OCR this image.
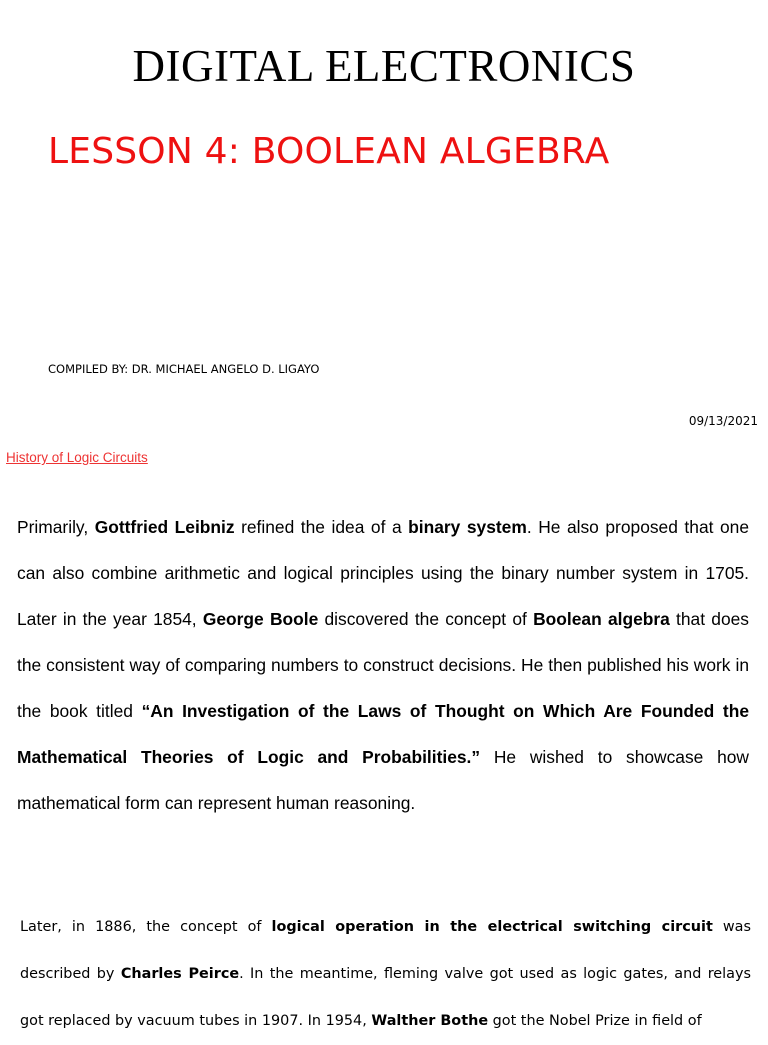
DIGITAL ELECTRONICS
LESSON 4: BOOLEAN ALGEBRA
COMPILED BY: DR. MICHAEL ANGELO D. LIGAYO
09/13/2021
History of Logic Circuits

Primarily, Gottfried Leibniz refined the idea of a binary system. He also proposed that one can also combine arithmetic and logical principles using the binary number system in 1705. Later in the year 1854, George Boole discovered the concept of Boolean algebra that does the consistent way of comparing numbers to construct decisions. He then published his work in the book titled “An Investigation of the Laws of Thought on Which Are Founded the Mathematical Theories of Logic and Probabilities.” He wished to showcase how mathematical form can represent human reasoning.

Later, in 1886, the concept of logical operation in the electrical switching circuit was described by Charles Peirce. In the meantime, fleming valve got used as logic gates, and relays got replaced by vacuum tubes in 1907. In 1954, Walther Bothe got the Nobel Prize in field of
